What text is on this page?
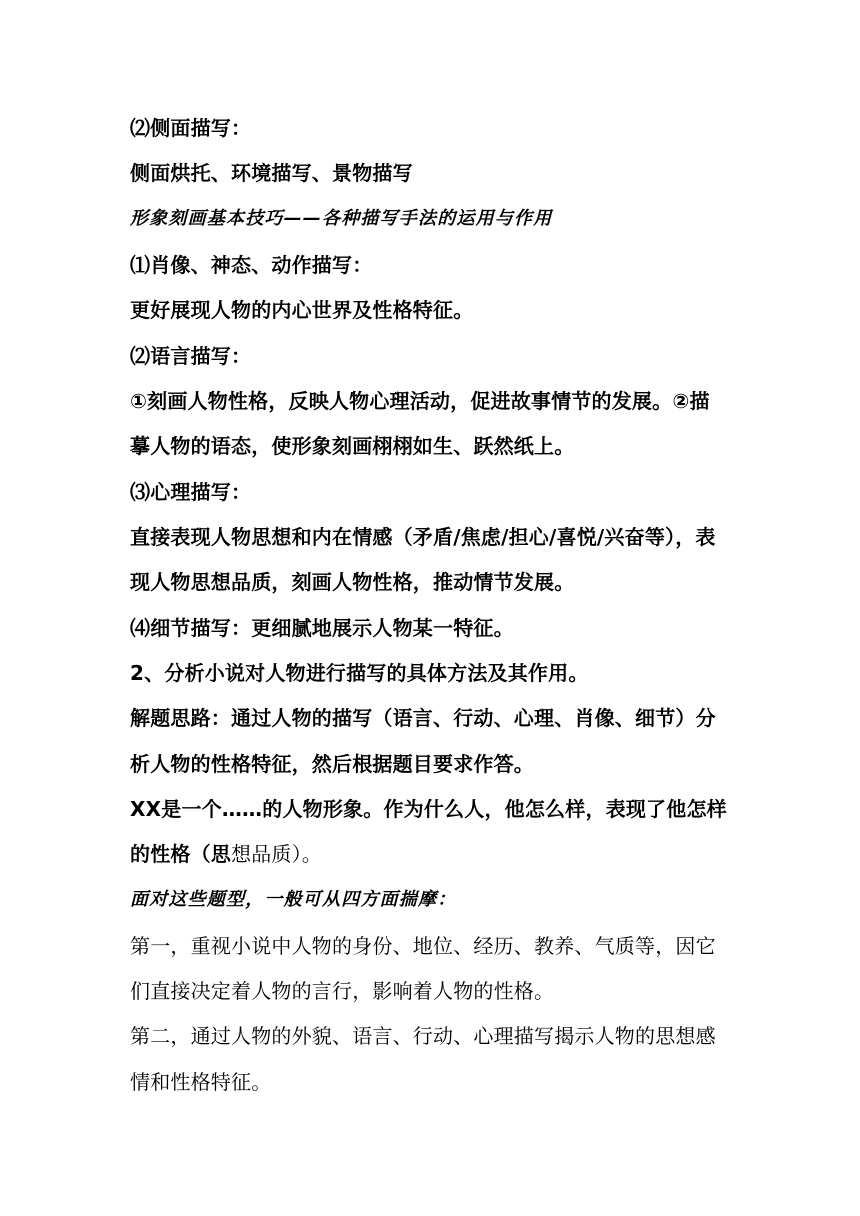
⑵侧面描写：
侧面烘托、环境描写、景物描写
形象刻画基本技巧——各种描写手法的运用与作用
⑴肖像、神态、动作描写：
更好展现人物的内心世界及性格特征。
⑵语言描写：
①刻画人物性格，反映人物心理活动，促进故事情节的发展。②描
摹人物的语态，使形象刻画栩栩如生、跃然纸上。
⑶心理描写：
直接表现人物思想和内在情感（矛盾/焦虑/担心/喜悦/兴奋等），表
现人物思想品质，刻画人物性格，推动情节发展。
⑷细节描写：更细腻地展示人物某一特征。
2、分析小说对人物进行描写的具体方法及其作用。
解题思路：通过人物的描写（语言、行动、心理、肖像、细节）分
析人物的性格特征，然后根据题目要求作答。
XX是一个……的人物形象。作为什么人，他怎么样，表现了他怎样
的性格（思想品质）。
面对这些题型，一般可从四方面揣摩：
第一，重视小说中人物的身份、地位、经历、教养、气质等，因它
们直接决定着人物的言行，影响着人物的性格。
第二，通过人物的外貌、语言、行动、心理描写揭示人物的思想感
情和性格特征。
